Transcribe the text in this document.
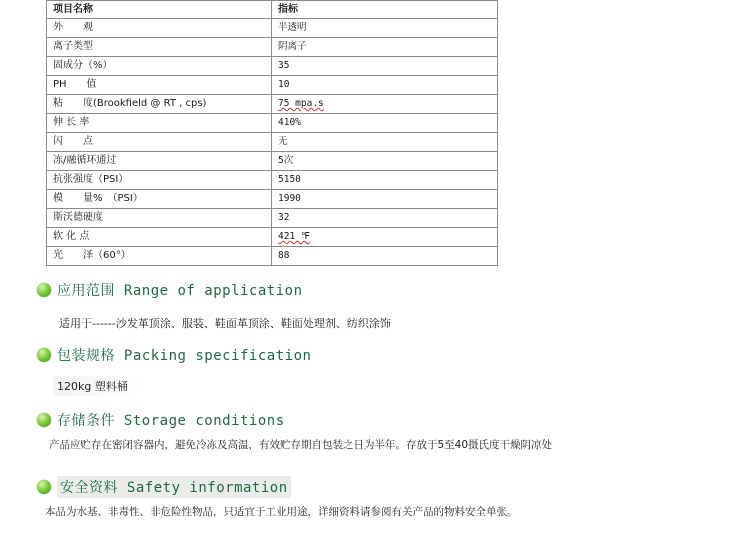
项目名称	指标
外　　观	半透明
离子类型	阴离子
固成分（%）	35
PH　　值	10
粘　　度(Brookfield @ RT , cps)	75 mpa.s
伸 长 率	410%
闪　　点	无
冻/融循环通过	5次
抗张强度（PSI）	5150
模　　量%　（PSI）	1990
斯沃德硬度	32
软 化 点	421 ℉
光　　泽（60°）	88
应用范围 Range of application
适用于------沙发革顶涂、服装、鞋面革顶涂、鞋面处理剂、纺织涂饰
包装规格 Packing specification
120kg 塑料桶
存储条件 Storage conditions
产品应贮存在密闭容器内，避免冷冻及高温，有效贮存期自包装之日为半年。存放于5至40摄氏度干燥阴凉处
安全资料 Safety information
本品为水基、非毒性、非危险性物品，只适宜于工业用途，详细资料请参阅有关产品的物料安全单张。
